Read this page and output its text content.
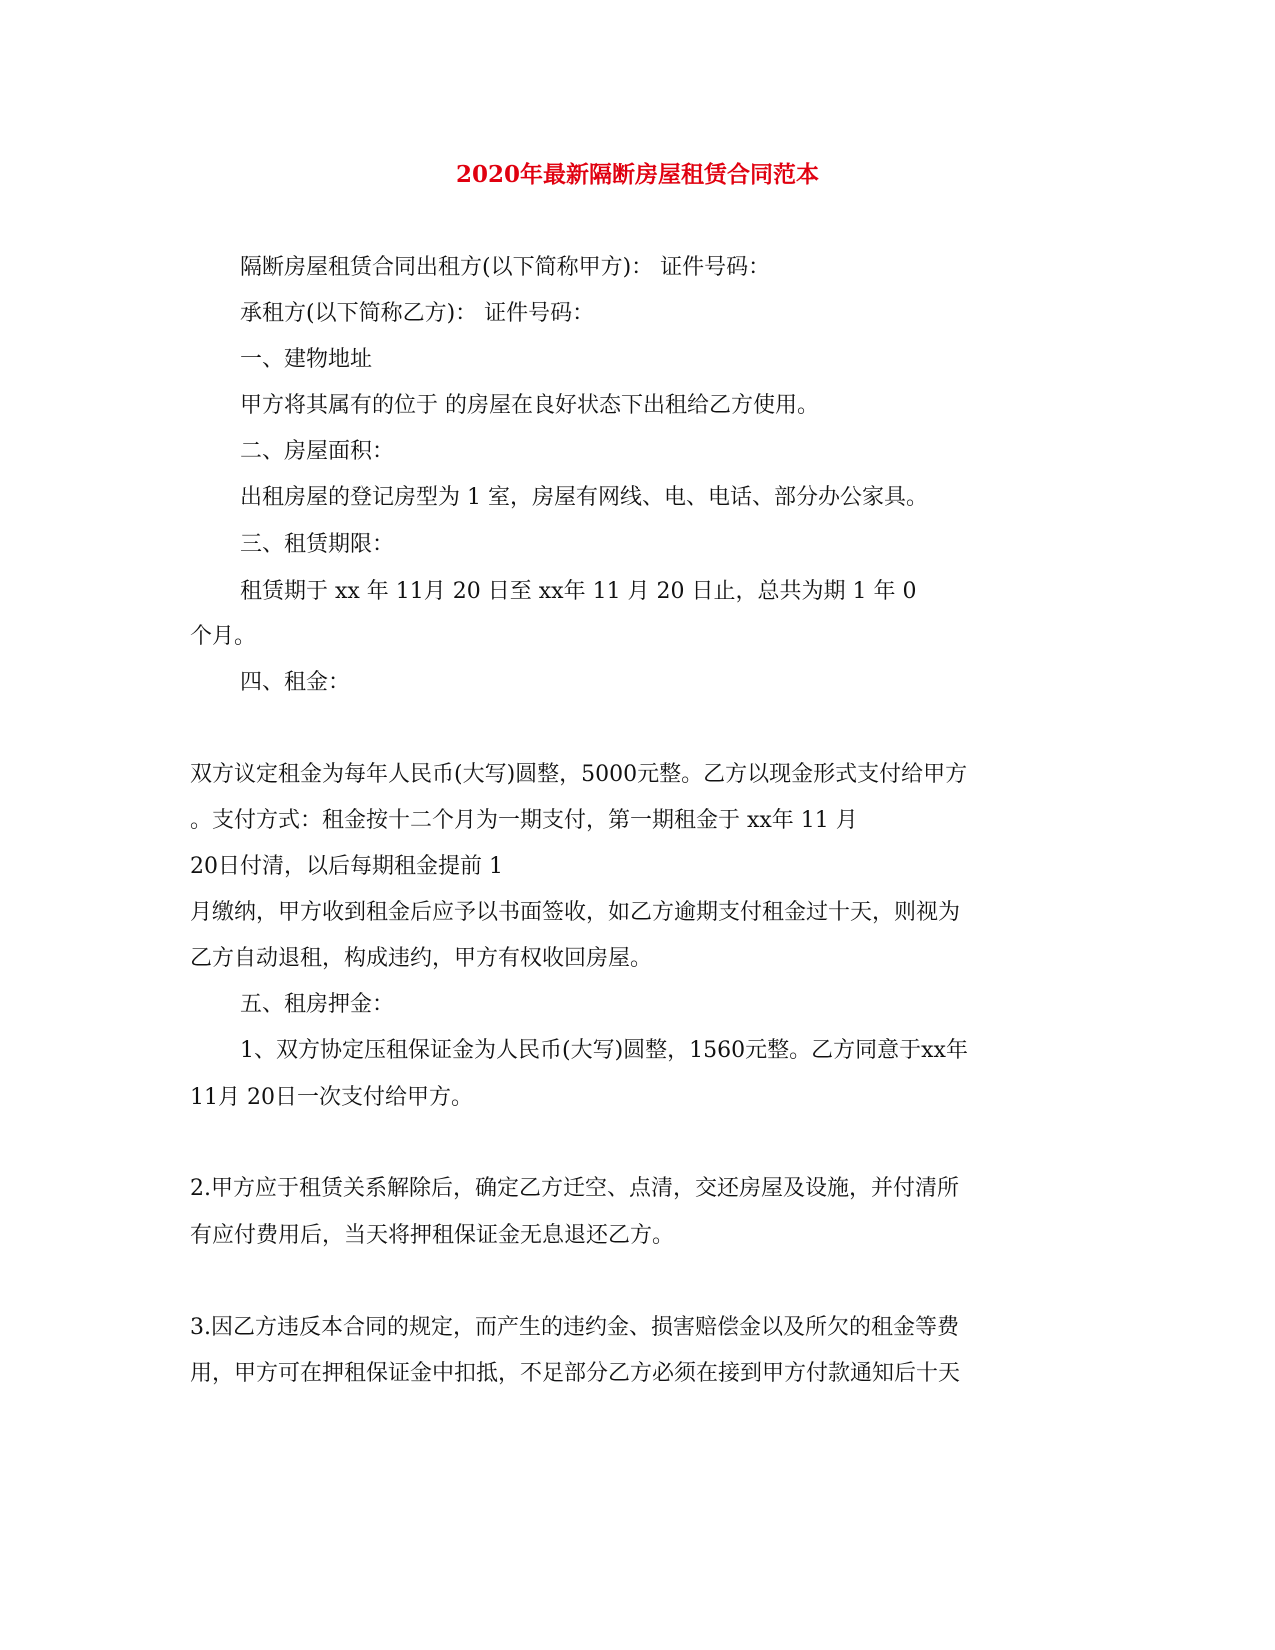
2020年最新隔断房屋租赁合同范本
隔断房屋租赁合同出租方(以下简称甲方)： 证件号码：
承租方(以下简称乙方)： 证件号码：
一、建物地址
甲方将其属有的位于 的房屋在良好状态下出租给乙方使用。
二、房屋面积：
出租房屋的登记房型为 1 室，房屋有网线、电、电话、部分办公家具。
三、租赁期限：
租赁期于 xx 年 11月 20 日至 xx年 11 月 20 日止，总共为期 1 年 0
个月。
四、租金：
双方议定租金为每年人民币(大写)圆整，5000元整。乙方以现金形式支付给甲方
。支付方式：租金按十二个月为一期支付，第一期租金于 xx年 11 月
20日付清，以后每期租金提前 1
月缴纳，甲方收到租金后应予以书面签收，如乙方逾期支付租金过十天，则视为
乙方自动退租，构成违约，甲方有权收回房屋。
五、租房押金：
1、双方协定压租保证金为人民币(大写)圆整，1560元整。乙方同意于xx年
11月 20日一次支付给甲方。
2.甲方应于租赁关系解除后，确定乙方迁空、点清，交还房屋及设施，并付清所
有应付费用后，当天将押租保证金无息退还乙方。
3.因乙方违反本合同的规定，而产生的违约金、损害赔偿金以及所欠的租金等费
用，甲方可在押租保证金中扣抵，不足部分乙方必须在接到甲方付款通知后十天
